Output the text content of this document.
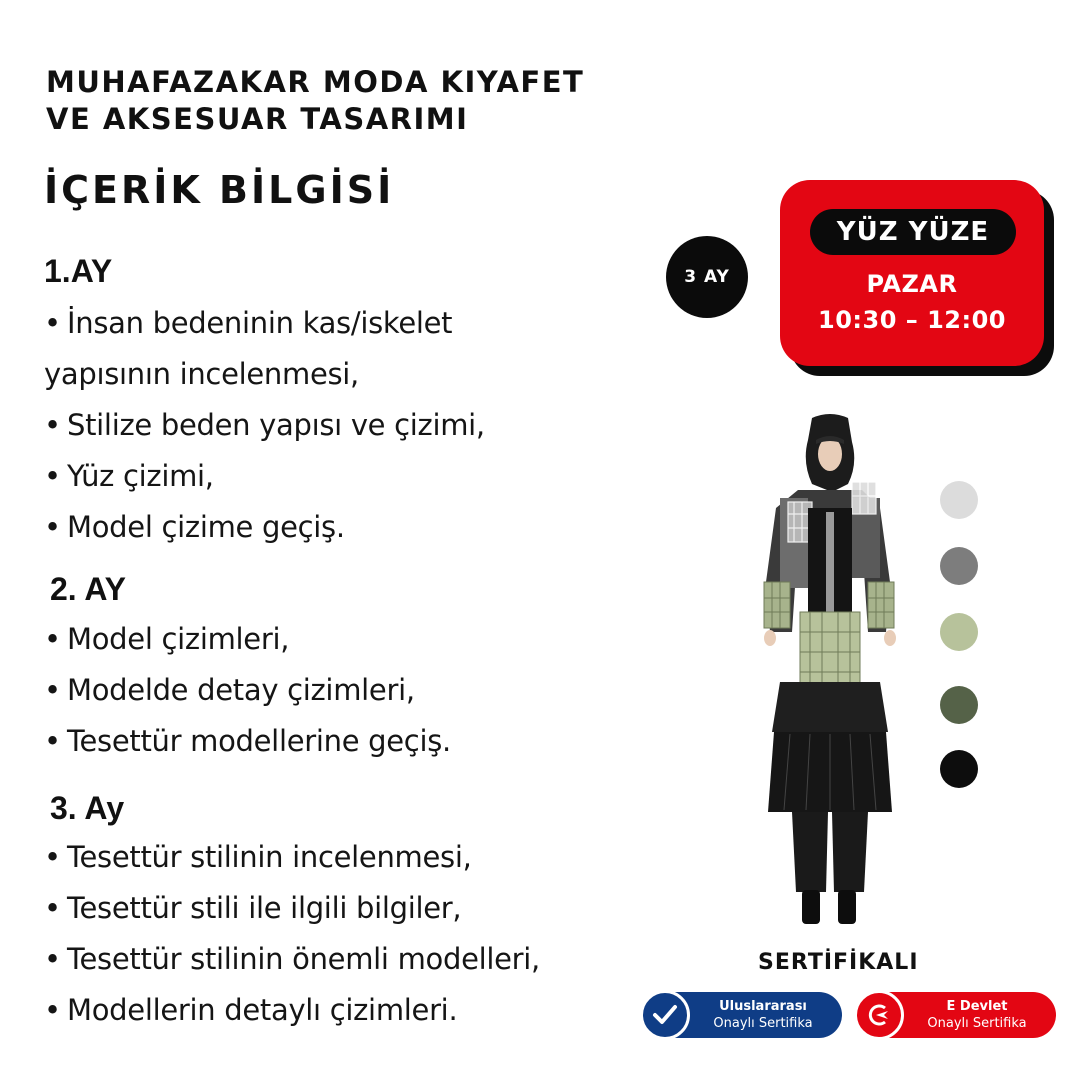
MUHAFAZAKAR MODA KIYAFET
VE AKSESUAR TASARIMI
İÇERİK BİLGİSİ
1.AY
• İnsan bedeninin kas/iskelet
yapısının incelenmesi,
• Stilize beden yapısı ve çizimi,
• Yüz çizimi,
• Model çizime geçiş.
2. AY
• Model çizimleri,
• Modelde detay çizimleri,
• Tesettür modellerine geçiş.
3. Ay
• Tesettür stilinin incelenmesi,
• Tesettür stili ile ilgili bilgiler,
• Tesettür stilinin önemli modelleri,
• Modellerin detaylı çizimleri.
3 AY
YÜZ YÜZE
PAZAR
10:30 – 12:00
SERTİFİKALI
Uluslararası
Onaylı Sertifika
E Devlet
Onaylı Sertifika
